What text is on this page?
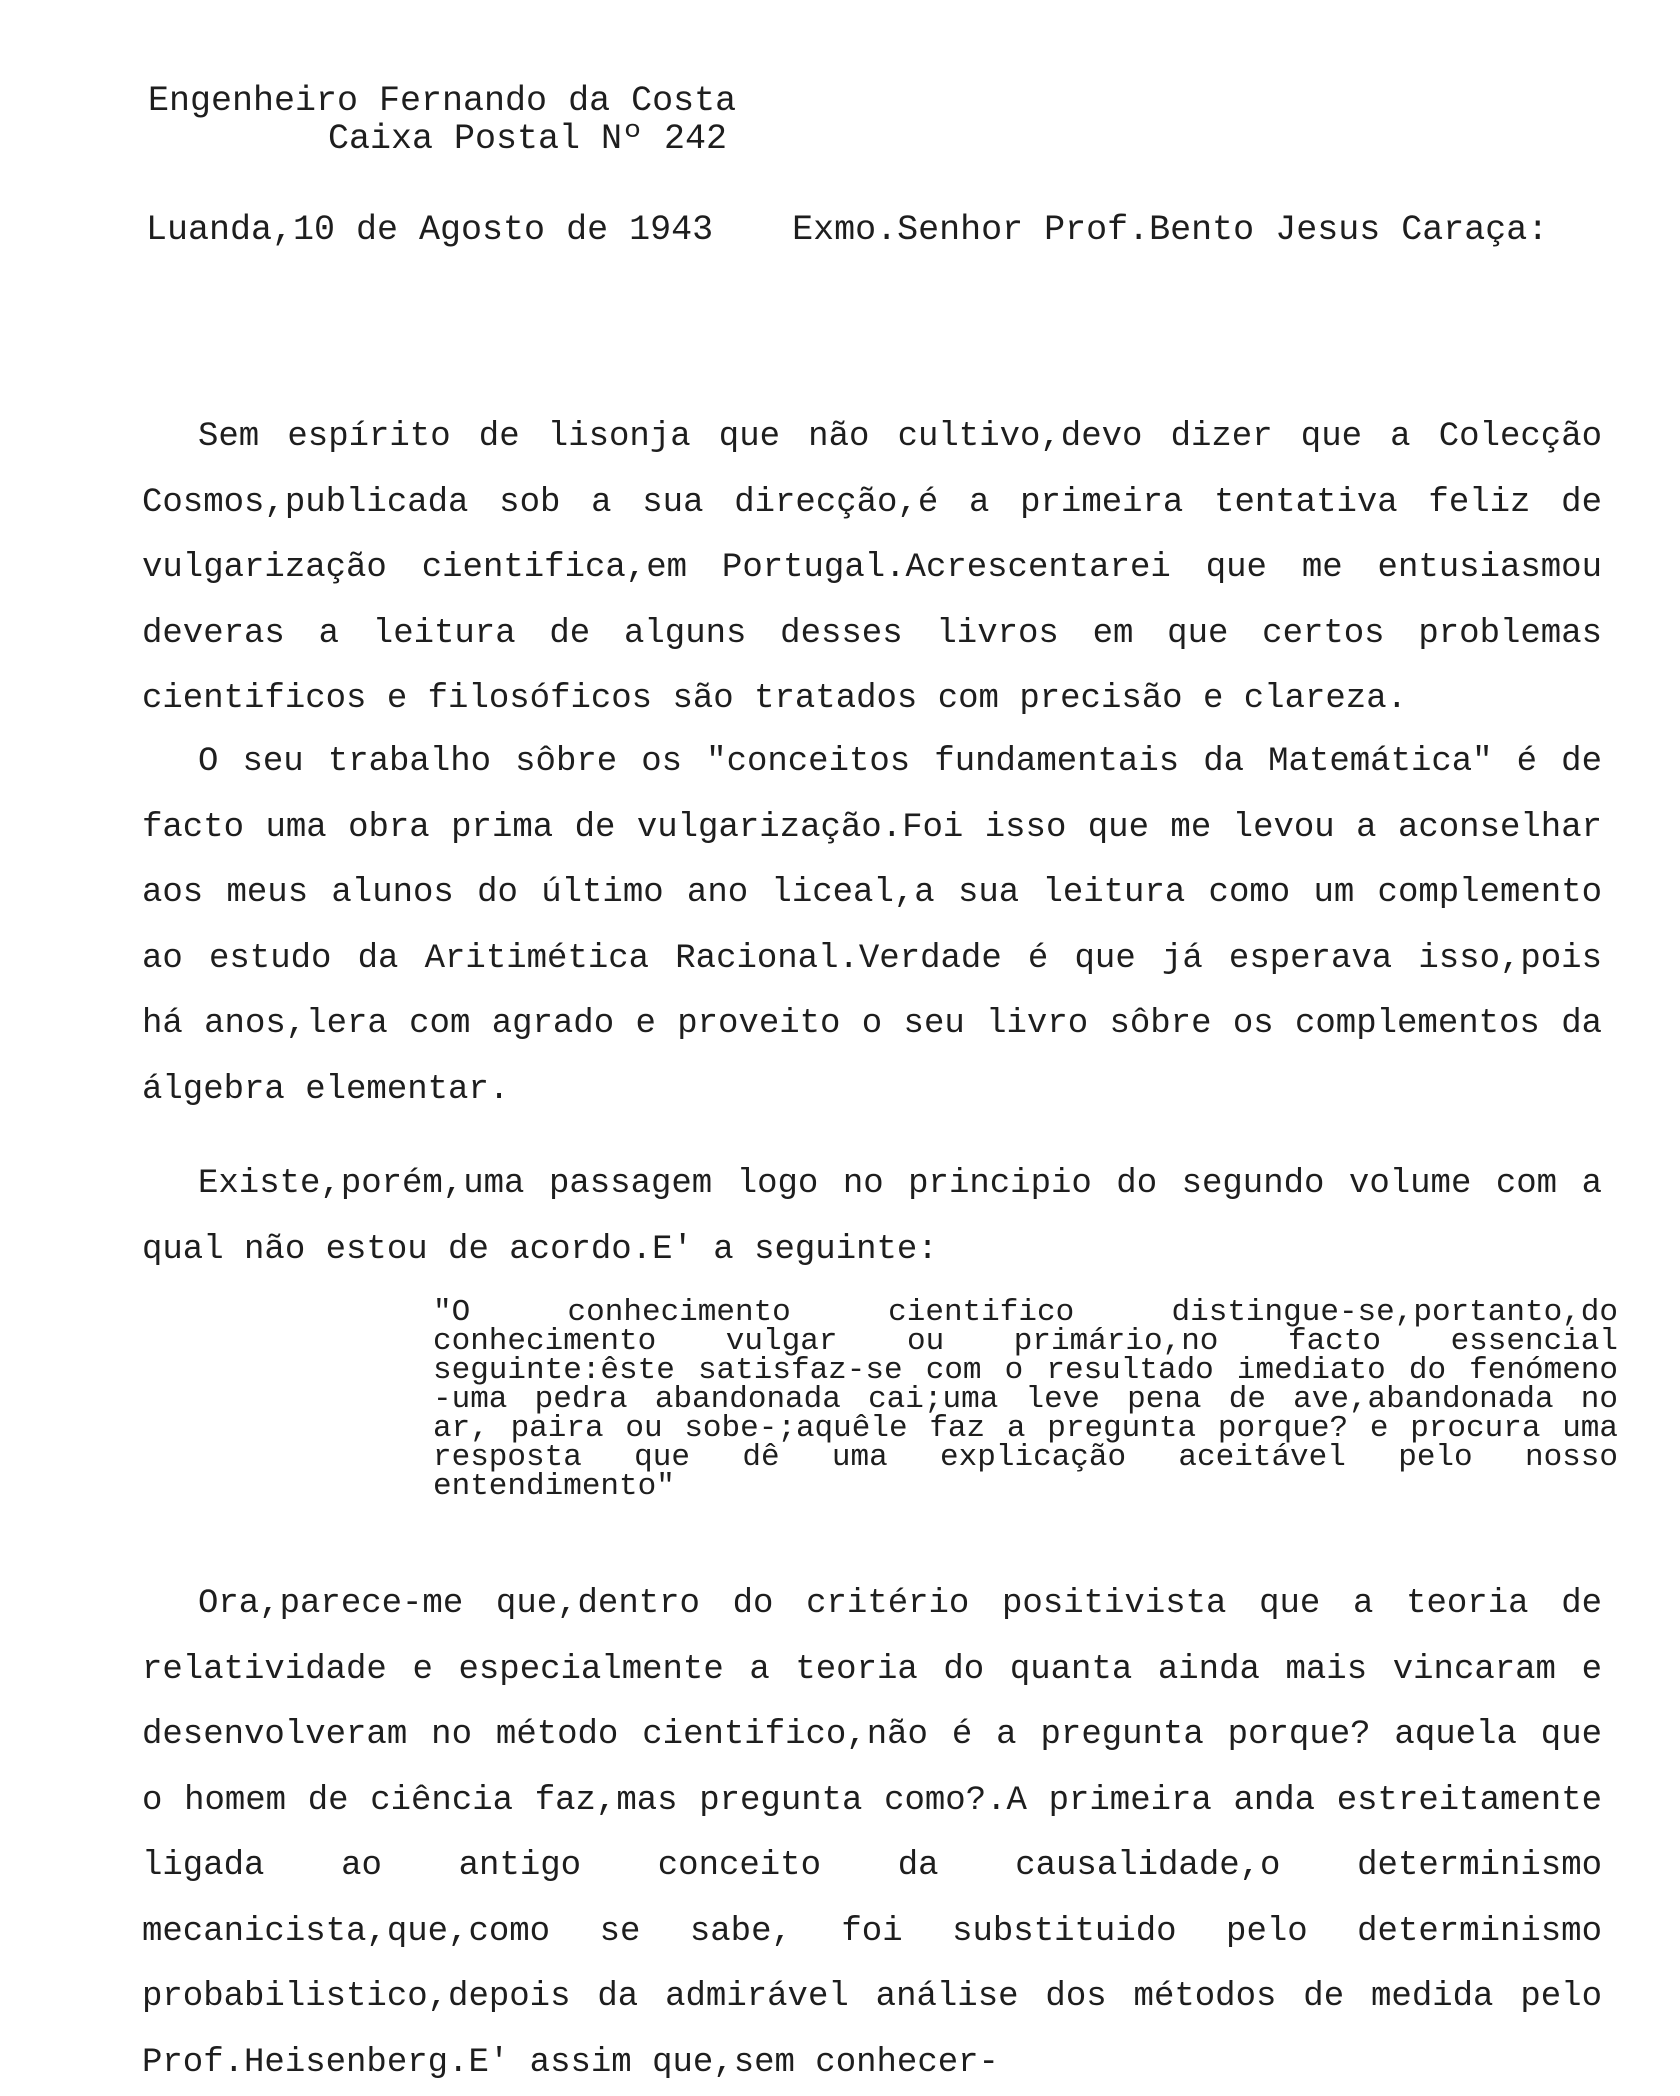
Engenheiro Fernando da Costa
Caixa Postal Nº 242
Luanda,10 de Agosto de 1943 Exmo.Senhor Prof.Bento Jesus Caraça:

Sem espírito de lisonja que não cultivo,devo dizer que a Colecção Cosmos,publicada sob a sua direcção,é a primeira tentativa feliz de vulgarização cientifica,em Portugal.Acrescentarei que me entusiasmou deveras a leitura de alguns desses livros em que certos problemas cientificos e filosóficos são tratados com precisão e clareza.

O seu trabalho sôbre os "conceitos fundamentais da Matemática" é de facto uma obra prima de vulgarização.Foi isso que me levou a aconselhar aos meus alunos do último ano liceal,a sua leitura como um complemento ao estudo da Aritimética Racional.Verdade é que já esperava isso,pois há anos,lera com agrado e proveito o seu livro sôbre os complementos da álgebra elementar.

Existe,porém,uma passagem logo no principio do segundo volume com a qual não estou de acordo.E' a seguinte:

"O conhecimento cientifico distingue-se,portanto,do conhecimento vulgar ou primário,no facto essencial seguinte:êste satisfaz-se com o resultado imediato do fenómeno -uma pedra abandonada cai;uma leve pena de ave,abandonada no ar, paira ou sobe-;aquêle faz a pregunta porque? e procura uma resposta que dê uma explicação aceitável pelo nosso entendimento"

Ora,parece-me que,dentro do critério positivista que a teoria de relatividade e especialmente a teoria do quanta ainda mais vincaram e desenvolveram no método cientifico,não é a pregunta porque? aquela que o homem de ciência faz,mas pregunta como?.A primeira anda estreitamente ligada ao antigo conceito da causalidade,o determinismo mecanicista,que,como se sabe, foi substituido pelo determinismo probabilistico,depois da admirável análise dos métodos de medida pelo Prof.Heisenberg.E' assim que,sem conhecer-
